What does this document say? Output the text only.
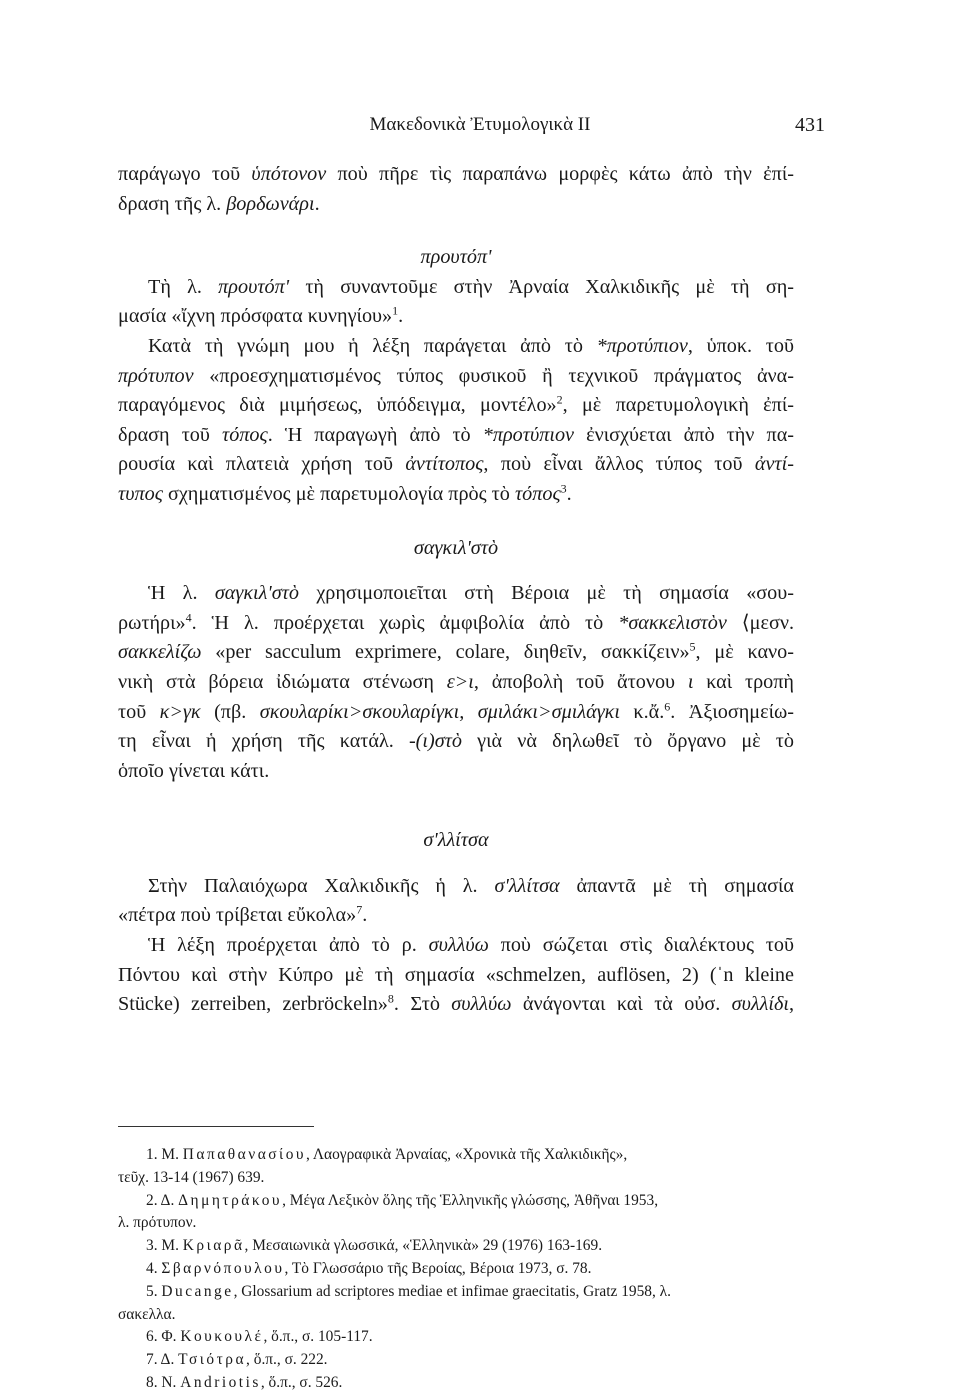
Μακεδονικὰ Ἐτυμολογικὰ ΙΙ	431
παράγωγο τοῦ ὑπότονον ποὺ πῆρε τὶς παραπάνω μορφὲς κάτω ἀπὸ τὴν ἐπί-
δραση τῆς λ. βορδωνάρι.
προυτόπ'
Τὴ λ. προυτόπ' τὴ συναντοῦμε στὴν Ἀρναία Χαλκιδικῆς μὲ τὴ ση-
μασία «ἴχνη πρόσφατα κυνηγίου»$^1$.
Κατὰ τὴ γνώμη μου ἡ λέξη παράγεται ἀπὸ τὸ *προτύπιον, ὑποκ. τοῦ
πρότυπον «προεσχηματισμένος τύπος φυσικοῦ ἢ τεχνικοῦ πράγματος ἀνα-
παραγόμενος διὰ μιμήσεως, ὑπόδειγμα, μοντέλο»$^2$, μὲ παρετυμολογικὴ ἐπί-
δραση τοῦ τόπος. Ἡ παραγωγὴ ἀπὸ τὸ *προτύπιον ἐνισχύεται ἀπὸ τὴν πα-
ρουσία καὶ πλατειὰ χρήση τοῦ ἀντίτοπος, ποὺ εἶναι ἄλλος τύπος τοῦ ἀντί-
τυπος σχηματισμένος μὲ παρετυμολογία πρὸς τὸ τόπος$^3$.
σαγκιλ'στὸ
Ἡ λ. σαγκιλ'στὸ χρησιμοποιεῖται στὴ Βέροια μὲ τὴ σημασία «σου-
ρωτήρι»$^4$. Ἡ λ. προέρχεται χωρὶς ἀμφιβολία ἀπὸ τὸ *σακκελιστὸν ⟨μεσν.
σακκελίζω «per sacculum exprimere, colare, διηθεῖν, σακκίζειν»$^5$, μὲ κανο-
νικὴ στὰ βόρεια ἰδιώματα στένωση ε>ι, ἀποβολὴ τοῦ ἄτονου ι καὶ τροπὴ
τοῦ κ>γκ (πβ. σκουλαρίκι>σκουλαρίγκι, σμιλάκι>σμιλάγκι κ.ἄ.$^6$. Ἀξιοσημείω-
τη εἶναι ἡ χρήση τῆς κατάλ. -(ι)στὸ γιὰ νὰ δηλωθεῖ τὸ ὄργανο μὲ τὸ
ὁποῖο γίνεται κάτι.
σ'λλίτσα
Στὴν Παλαιόχωρα Χαλκιδικῆς ἡ λ. σ'λλίτσα ἀπαντᾶ μὲ τὴ σημασία
«πέτρα ποὺ τρίβεται εὔκολα»$^7$.
Ἡ λέξη προέρχεται ἀπὸ τὸ ρ. συλλύω ποὺ σώζεται στὶς διαλέκτους τοῦ
Πόντου καὶ στὴν Κύπρο μὲ τὴ σημασία «schmelzen, auflösen, 2) (ˈn kleine
Stücke) zerreiben, zerbröckeln»$^8$. Στὸ συλλύω ἀνάγονται καὶ τὰ οὐσ. συλλίδι,
1. Μ. Παπαθανασίου, Λαογραφικὰ Ἀρναίας, «Χρονικὰ τῆς Χαλκιδικῆς»,
τεῦχ. 13-14 (1967) 639.
2. Δ. Δημητράκου, Μέγα Λεξικὸν ὅλης τῆς Ἑλληνικῆς γλώσσης, Ἀθῆναι 1953,
λ. πρότυπον.
3. Μ. Κριαρᾶ, Μεσαιωνικὰ γλωσσικά, «Ἑλληνικὰ» 29 (1976) 163-169.
4. Σβαρνόπουλου, Τὸ Γλωσσάριο τῆς Βεροίας, Βέροια 1973, σ. 78.
5. Ducange, Glossarium ad scriptores mediae et infimae graecitatis, Gratz 1958, λ.
σακελλα.
6. Φ. Κουκουλέ, ὅ.π., σ. 105-117.
7. Δ. Τσιότρα, ὅ.π., σ. 222.
8. Ν. Andriotis, ὅ.π., σ. 526.
